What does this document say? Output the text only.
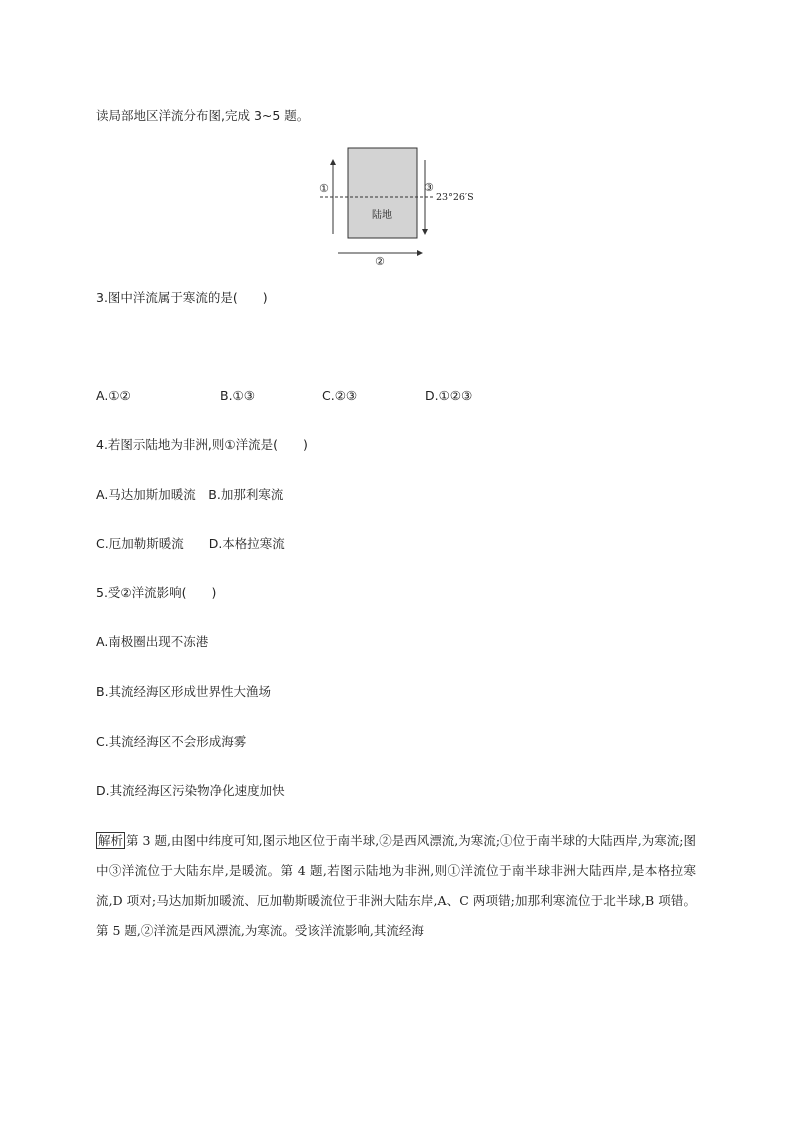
读局部地区洋流分布图,完成 3~5 题。
①	③
②
陆地
23°26′S
3.图中洋流属于寒流的是(　　)
A.①②	B.①③	C.②③	D.①②③
4.若图示陆地为非洲,则①洋流是(　　)
A.马达加斯加暖流　B.加那利寒流
C.厄加勒斯暖流　　D.本格拉寒流
5.受②洋流影响(　　)
A.南极圈出现不冻港
B.其流经海区形成世界性大渔场
C.其流经海区不会形成海雾
D.其流经海区污染物净化速度加快
解析 第 3 题,由图中纬度可知,图示地区位于南半球,②是西风漂流,为寒流;①位于南半球的大陆西岸,为寒流;图中③洋流位于大陆东岸,是暖流。第 4 题,若图示陆地为非洲,则①洋流位于南半球非洲大陆西岸,是本格拉寒流,D 项对;马达加斯加暖流、厄加勒斯暖流位于非洲大陆东岸,A、C 两项错;加那利寒流位于北半球,B 项错。第 5 题,②洋流是西风漂流,为寒流。受该洋流影响,其流经海
